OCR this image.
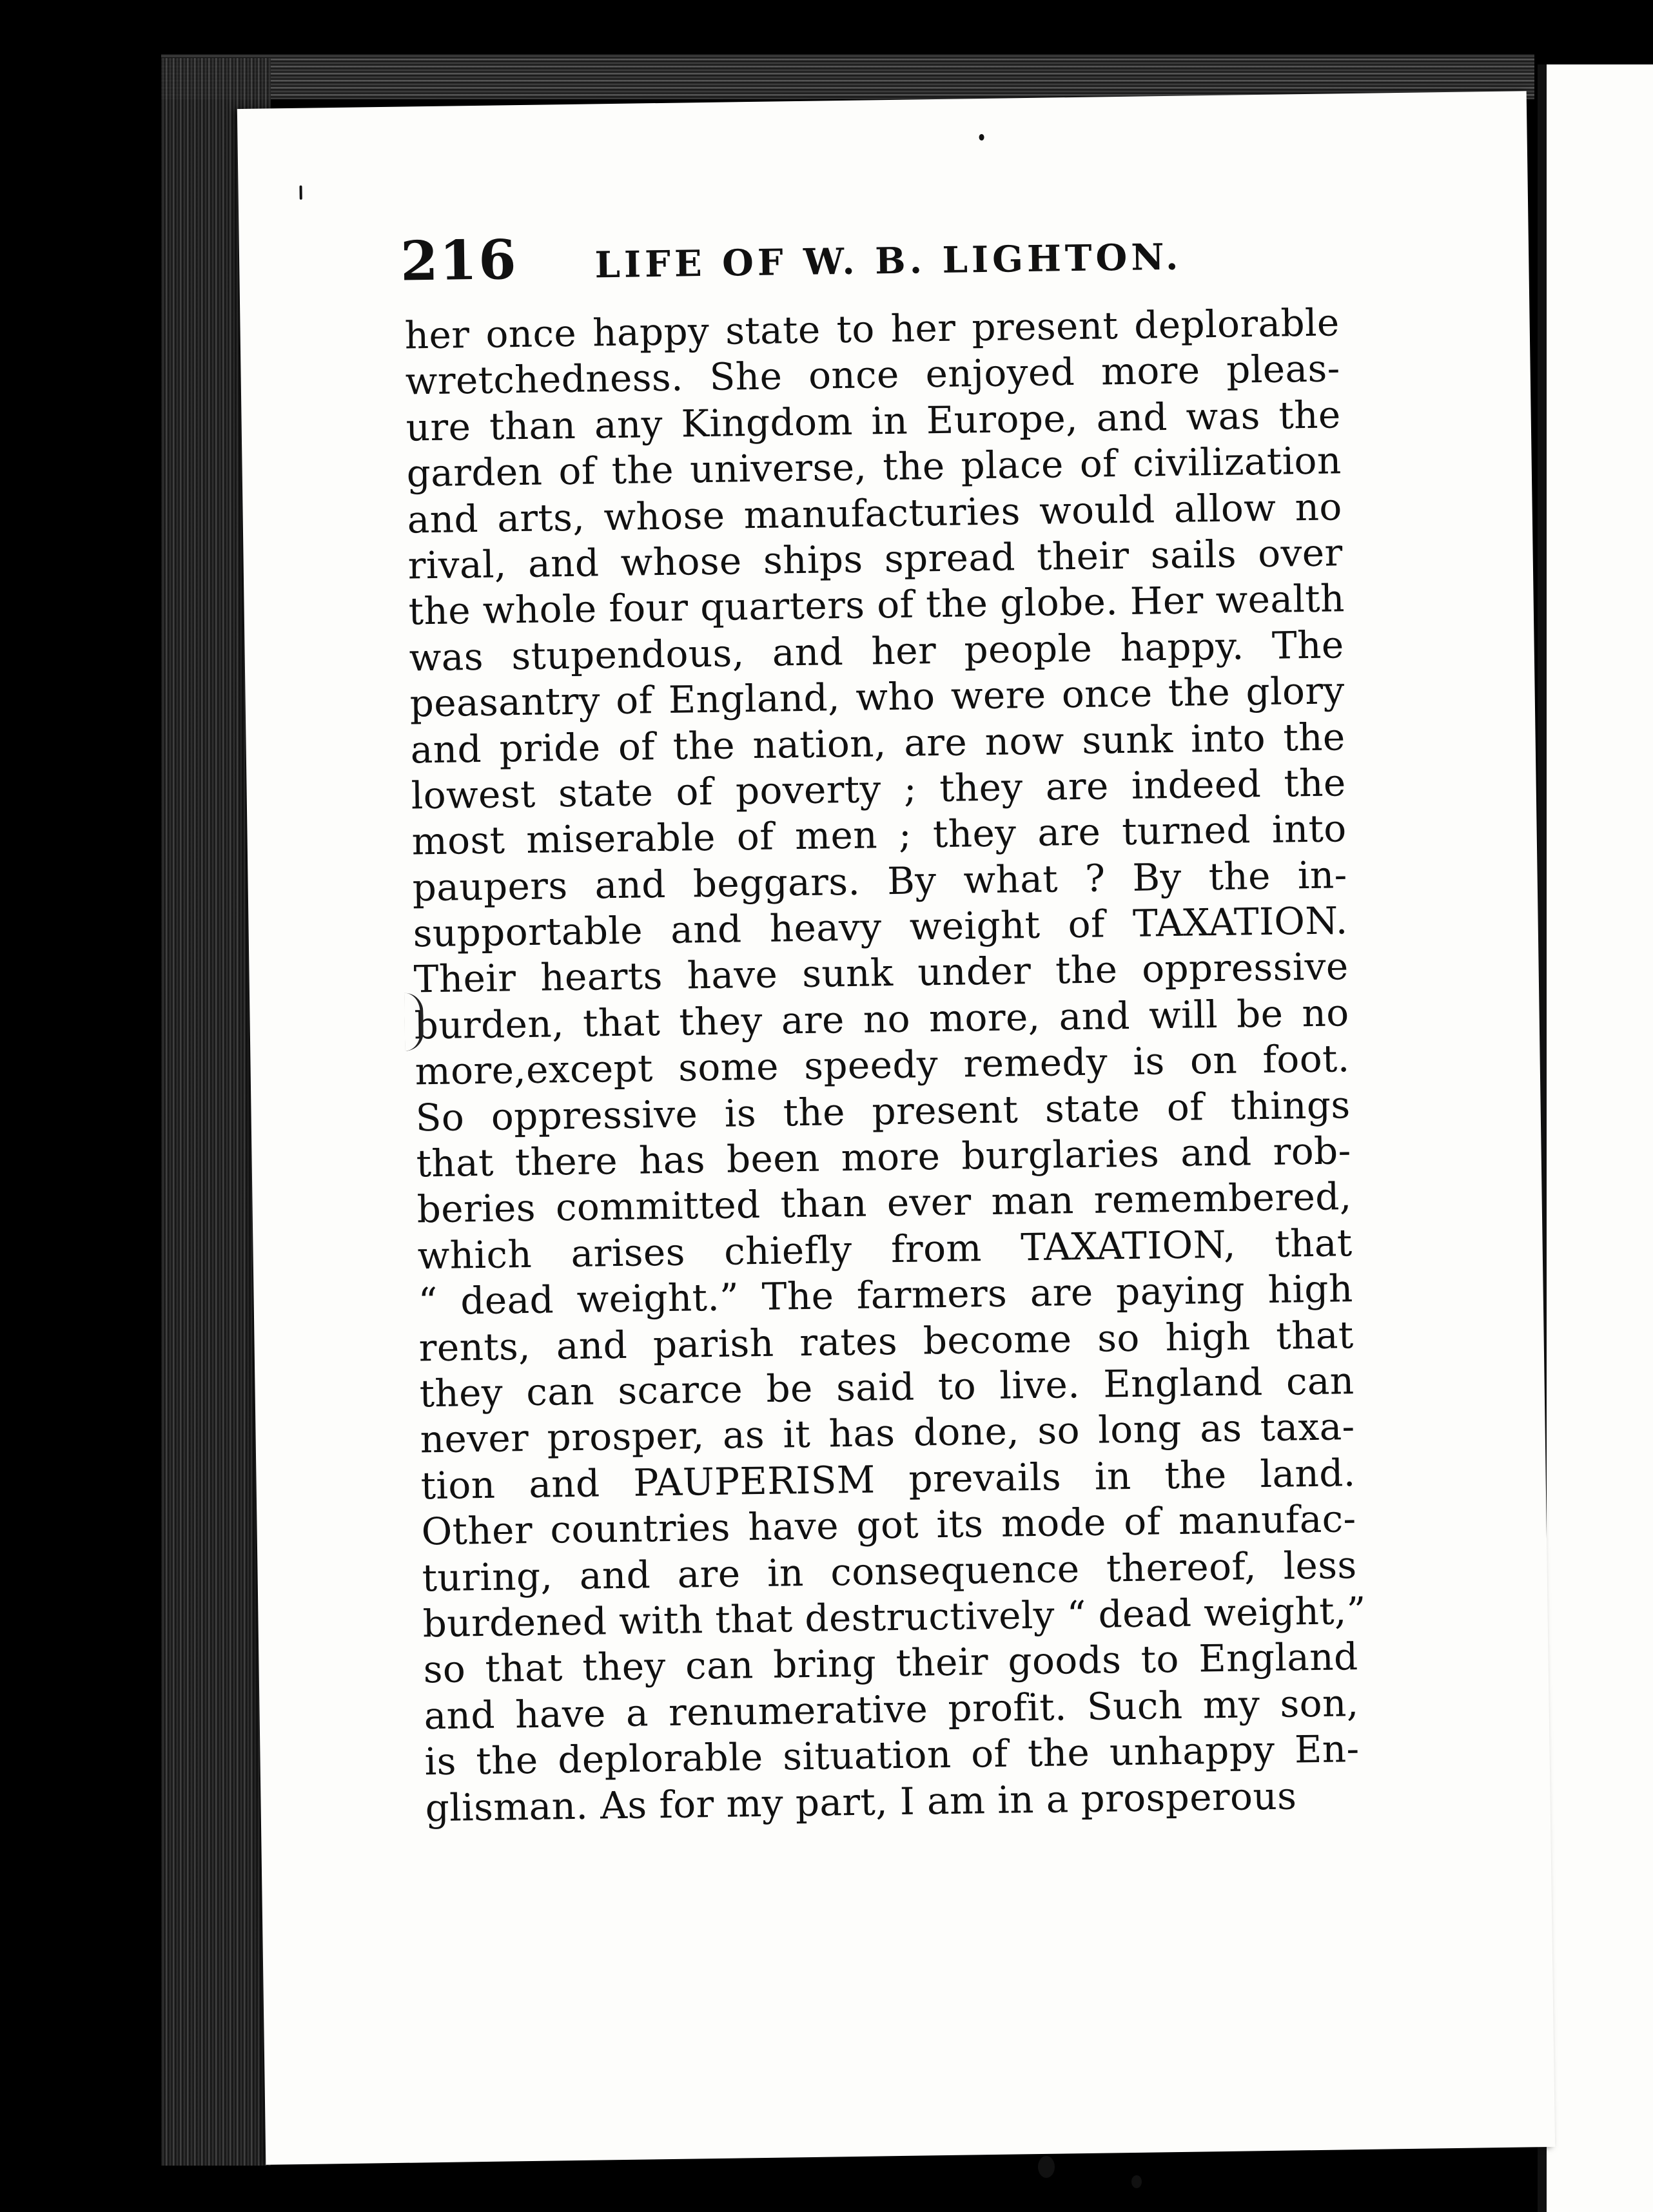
216 LIFE OF W. B. LIGHTON.
her once happy state to her present deplorable
wretchedness. She once enjoyed more pleas-
ure than any Kingdom in Europe, and was the
garden of the universe, the place of civilization
and arts, whose manufacturies would allow no
rival, and whose ships spread their sails over
the whole four quarters of the globe. Her wealth
was stupendous, and her people happy. The
peasantry of England, who were once the glory
and pride of the nation, are now sunk into the
lowest state of poverty ; they are indeed the
most miserable of men ; they are turned into
paupers and beggars. By what ? By the in-
supportable and heavy weight of TAXATION.
Their hearts have sunk under the oppressive
burden, that they are no more, and will be no
more,except some speedy remedy is on foot.
So oppressive is the present state of things
that there has been more burglaries and rob-
beries committed than ever man remembered,
which arises chiefly from TAXATION, that
“ dead weight.” The farmers are paying high
rents, and parish rates become so high that
they can scarce be said to live. England can
never prosper, as it has done, so long as taxa-
tion and PAUPERISM prevails in the land.
Other countries have got its mode of manufac-
turing, and are in consequence thereof, less
burdened with that destructively “ dead weight,”
so that they can bring their goods to England
and have a renumerative profit. Such my son,
is the deplorable situation of the unhappy En-
glisman. As for my part, I am in a prosperous
